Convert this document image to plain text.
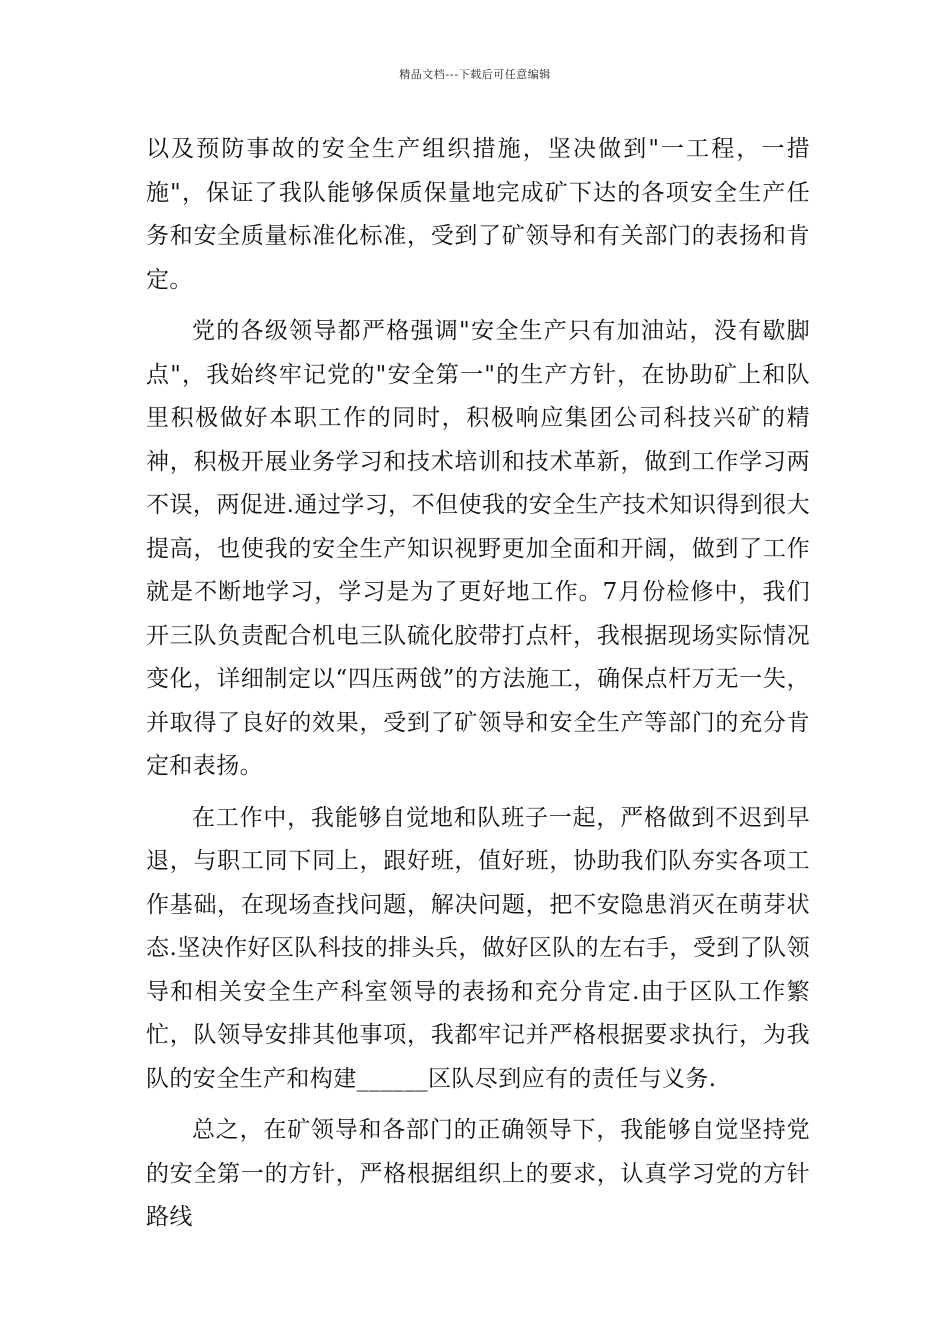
精品文档---下载后可任意编辑

以及预防事故的安全生产组织措施，坚决做到"一工程，一措施"，保证了我队能够保质保量地完成矿下达的各项安全生产任务和安全质量标准化标准，受到了矿领导和有关部门的表扬和肯定。

党的各级领导都严格强调"安全生产只有加油站，没有歇脚点"，我始终牢记党的"安全第一"的生产方针，在协助矿上和队里积极做好本职工作的同时，积极响应集团公司科技兴矿的精神，积极开展业务学习和技术培训和技术革新，做到工作学习两不误，两促进.通过学习，不但使我的安全生产技术知识得到很大提高，也使我的安全生产知识视野更加全面和开阔，做到了工作就是不断地学习，学习是为了更好地工作。7月份检修中，我们开三队负责配合机电三队硫化胶带打点杆，我根据现场实际情况变化，详细制定以“四压两戗”的方法施工，确保点杆万无一失，并取得了良好的效果，受到了矿领导和安全生产等部门的充分肯定和表扬。

在工作中，我能够自觉地和队班子一起，严格做到不迟到早退，与职工同下同上，跟好班，值好班，协助我们队夯实各项工作基础，在现场查找问题，解决问题，把不安隐患消灭在萌芽状态.坚决作好区队科技的排头兵，做好区队的左右手，受到了队领导和相关安全生产科室领导的表扬和充分肯定.由于区队工作繁忙，队领导安排其他事项，我都牢记并严格根据要求执行，为我队的安全生产和构建______区队尽到应有的责任与义务.

总之，在矿领导和各部门的正确领导下，我能够自觉坚持党的安全第一的方针，严格根据组织上的要求，认真学习党的方针路线
